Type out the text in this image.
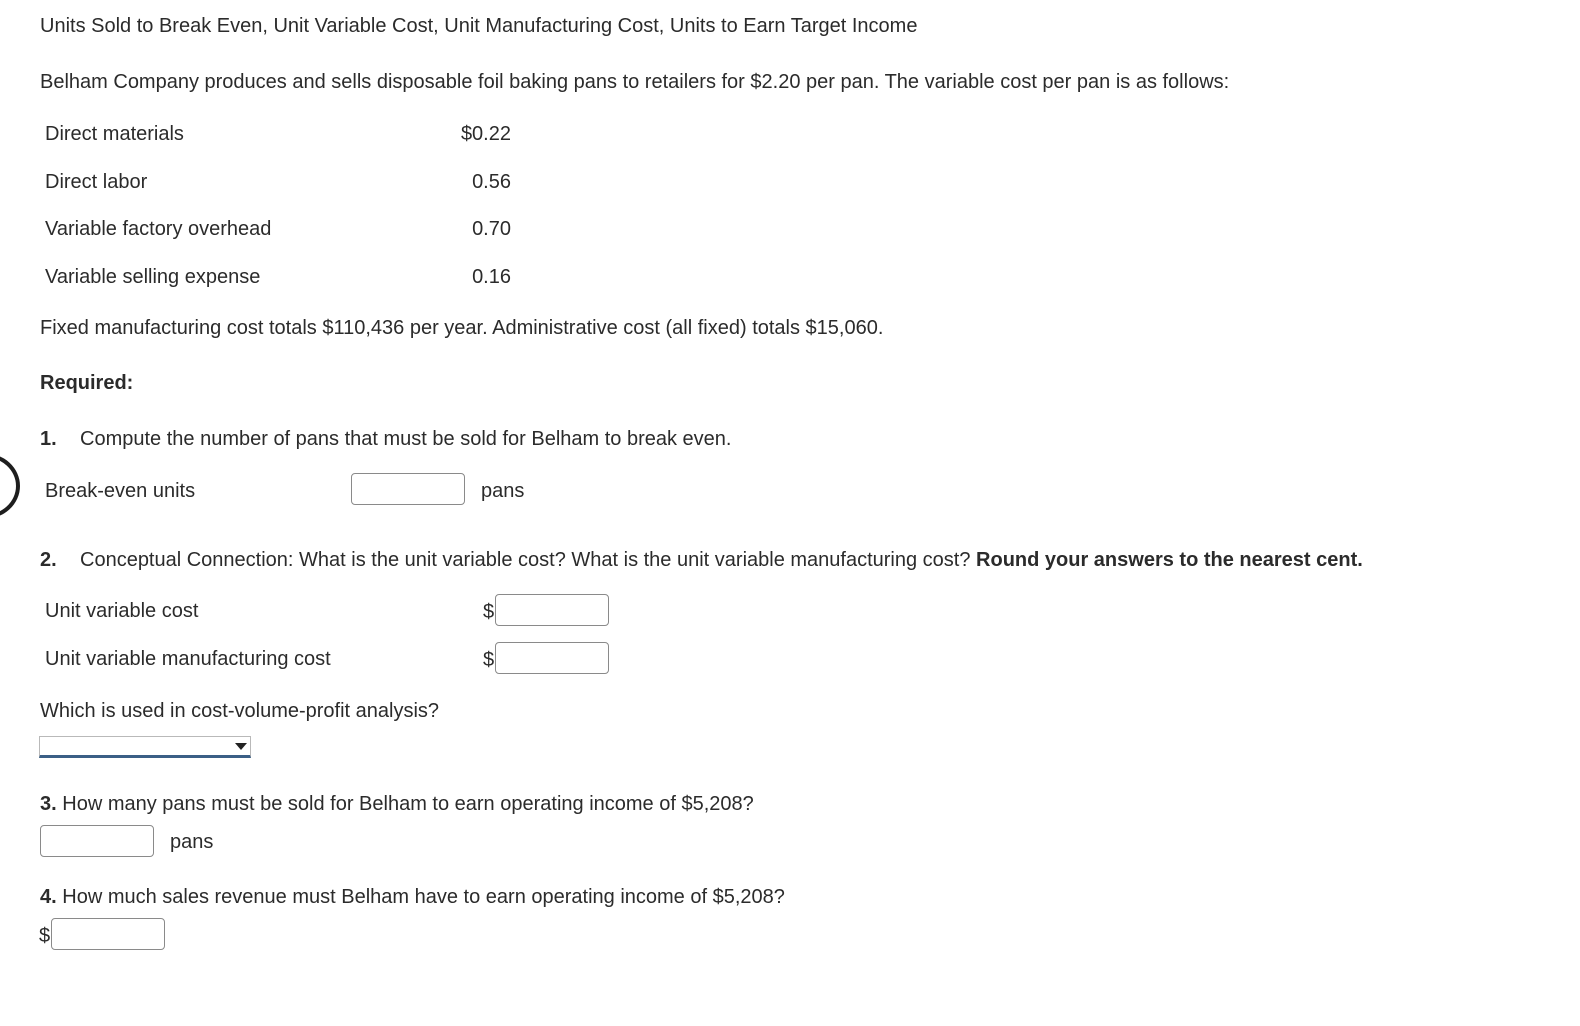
Units Sold to Break Even, Unit Variable Cost, Unit Manufacturing Cost, Units to Earn Target Income
Belham Company produces and sells disposable foil baking pans to retailers for $2.20 per pan. The variable cost per pan is as follows:
Direct materials	$0.22
Direct labor	0.56
Variable factory overhead	0.70
Variable selling expense	0.16
Fixed manufacturing cost totals $110,436 per year. Administrative cost (all fixed) totals $15,060.
Required:
1. Compute the number of pans that must be sold for Belham to break even.
Break-even units	pans
2. Conceptual Connection: What is the unit variable cost? What is the unit variable manufacturing cost? Round your answers to the nearest cent.
Unit variable cost	$
Unit variable manufacturing cost	$
Which is used in cost-volume-profit analysis?
3. How many pans must be sold for Belham to earn operating income of $5,208?
pans
4. How much sales revenue must Belham have to earn operating income of $5,208?
$
